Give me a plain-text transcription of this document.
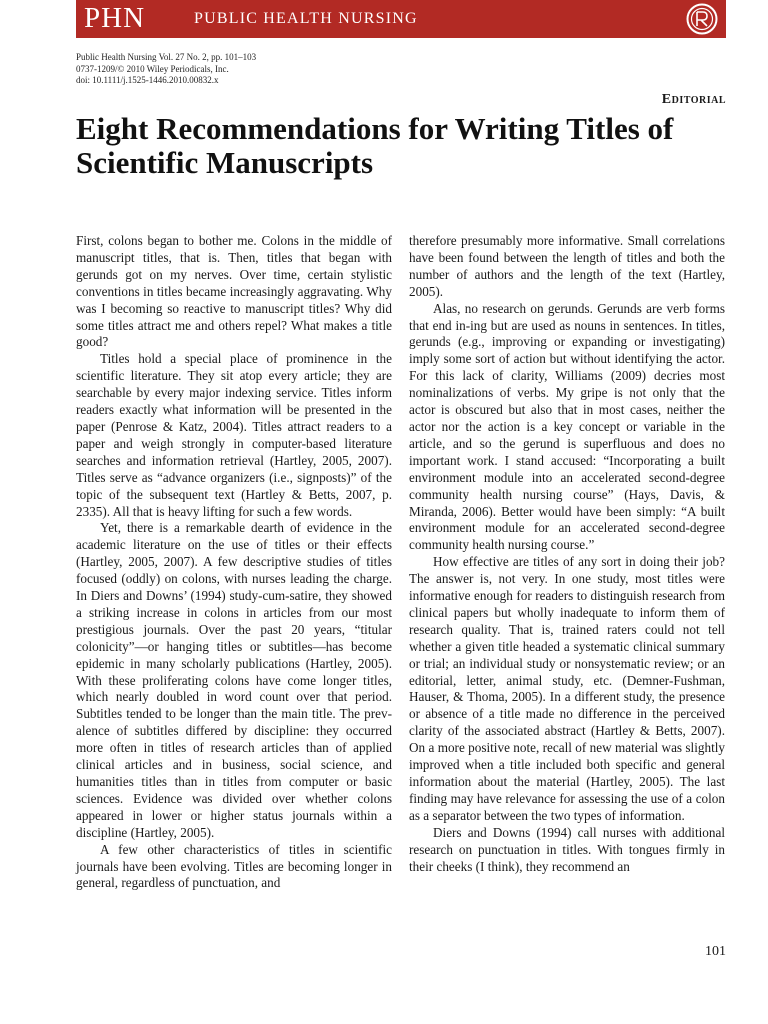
PHN	PUBLIC HEALTH NURSING
Public Health Nursing Vol. 27 No. 2, pp. 101–103
0737-1209/© 2010 Wiley Periodicals, Inc.
doi: 10.1111/j.1525-1446.2010.00832.x
Editorial
Eight Recommendations for Writing Titles of Scientific Manuscripts

First, colons began to bother me. Colons in the middle of manuscript titles, that is. Then, titles that began with gerunds got on my nerves. Over time, certain stylistic conventions in titles became increasingly aggravating. Why was I becoming so reactive to manuscript titles? Why did some titles attract me and others repel? What makes a title good?

Titles hold a special place of prominence in the scientific literature. They sit atop every article; they are searchable by every major indexing service. Titles inform readers exactly what information will be presented in the paper (Penrose & Katz, 2004). Titles attract readers to a paper and weigh strongly in computer-based literature searches and information retrieval (Hartley, 2005, 2007). Titles serve as “advance organizers (i.e., signposts)” of the topic of the subsequent text (Hartley & Betts, 2007, p. 2335). All that is heavy lifting for such a few words.

Yet, there is a remarkable dearth of evidence in the academic literature on the use of titles or their effects (Hartley, 2005, 2007). A few descriptive studies of titles focused (oddly) on colons, with nurses leading the charge. In Diers and Downs’ (1994) study-cum-satire, they showed a striking increase in colons in articles from our most prestigious journals. Over the past 20 years, “titular colonicity”—or hanging titles or subtitles—has become epidemic in many scholarly publications (Hartley, 2005). With these proliferating colons have come longer titles, which nearly doubled in word count over that period. Subtitles tended to be longer than the main title. The prevalence of subtitles differed by discipline: they occurred more often in titles of research articles than of applied clinical articles and in business, social science, and humanities titles than in titles from computer or basic sciences. Evidence was divided over whether colons appeared in lower or higher status journals within a discipline (Hartley, 2005).

A few other characteristics of titles in scientific journals have been evolving. Titles are becoming longer in general, regardless of punctuation, and

therefore presumably more informative. Small correlations have been found between the length of titles and both the number of authors and the length of the text (Hartley, 2005).

Alas, no research on gerunds. Gerunds are verb forms that end in-ing but are used as nouns in sentences. In titles, gerunds (e.g., improving or expanding or investigating) imply some sort of action but without identifying the actor. For this lack of clarity, Williams (2009) decries most nominalizations of verbs. My gripe is not only that the actor is obscured but also that in most cases, neither the actor nor the action is a key concept or variable in the article, and so the gerund is superfluous and does no important work. I stand accused: “Incorporating a built environment module into an accelerated second-degree community health nursing course” (Hays, Davis, & Miranda, 2006). Better would have been simply: “A built environment module for an accelerated second-degree community health nursing course.”

How effective are titles of any sort in doing their job? The answer is, not very. In one study, most titles were informative enough for readers to distinguish research from clinical papers but wholly inadequate to inform them of research quality. That is, trained raters could not tell whether a given title headed a systematic clinical summary or trial; an individual study or nonsystematic review; or an editorial, letter, animal study, etc. (Demner-Fushman, Hauser, & Thoma, 2005). In a different study, the presence or absence of a title made no difference in the perceived clarity of the associated abstract (Hartley & Betts, 2007). On a more positive note, recall of new material was slightly improved when a title included both specific and general information about the material (Hartley, 2005). The last finding may have relevance for assessing the use of a colon as a separator between the two types of information.

Diers and Downs (1994) call nurses with additional research on punctuation in titles. With tongues firmly in their cheeks (I think), they recommend an

101
